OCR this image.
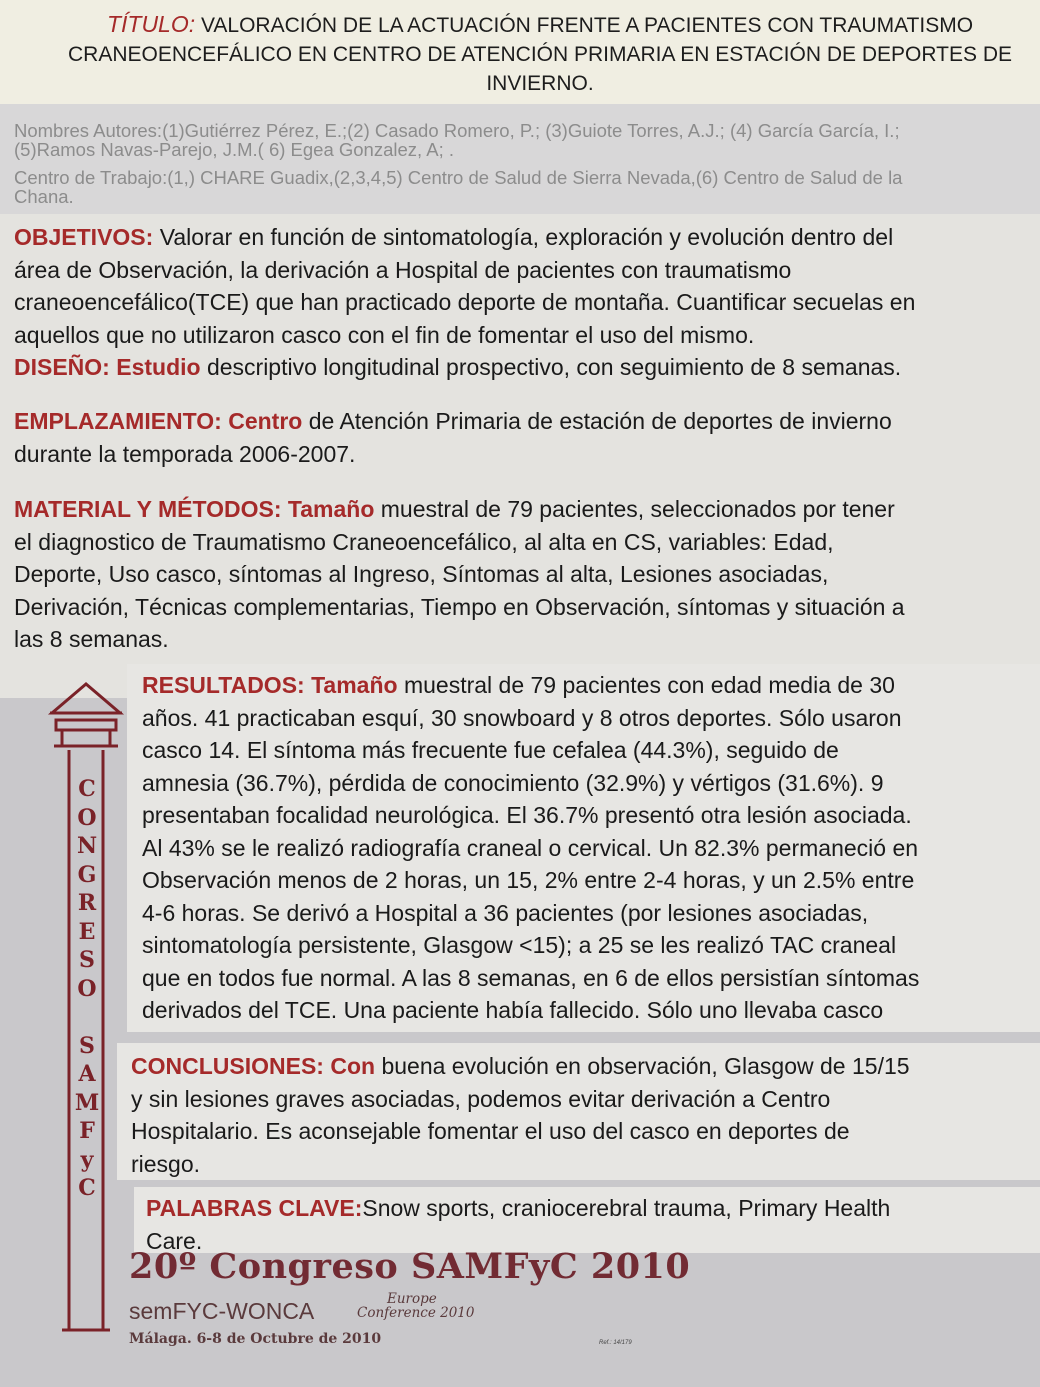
TÍTULO: VALORACIÓN DE LA ACTUACIÓN FRENTE A PACIENTES CON TRAUMATISMO
CRANEOENCEFÁLICO EN CENTRO DE ATENCIÓN PRIMARIA EN ESTACIÓN DE DEPORTES DE
INVIERNO.

Nombres Autores:(1)Gutiérrez Pérez, E.;(2) Casado Romero, P.; (3)Guiote Torres, A.J.; (4) García García, I.;
(5)Ramos Navas-Parejo, J.M.( 6) Egea Gonzalez, A; .

Centro de Trabajo:(1,) CHARE Guadix,(2,3,4,5) Centro de Salud de Sierra Nevada,(6) Centro de Salud de la
Chana.

OBJETIVOS: Valorar en función de sintomatología, exploración y evolución dentro del
área de Observación, la derivación a Hospital de pacientes con traumatismo
craneoencefálico(TCE) que han practicado deporte de montaña. Cuantificar secuelas en
aquellos que no utilizaron casco con el fin de fomentar el uso del mismo.
DISEÑO: Estudio descriptivo longitudinal prospectivo, con seguimiento de 8 semanas.
EMPLAZAMIENTO: Centro de Atención Primaria de estación de deportes de invierno
durante la temporada 2006-2007.
MATERIAL Y MÉTODOS: Tamaño muestral de 79 pacientes, seleccionados por tener
el diagnostico de Traumatismo Craneoencefálico, al alta en CS, variables: Edad,
Deporte, Uso casco, síntomas al Ingreso, Síntomas al alta, Lesiones asociadas,
Derivación, Técnicas complementarias, Tiempo en Observación, síntomas y situación a
las 8 semanas.
C
O
N
G
R
E
S
O
S
A
M
F
y
C
RESULTADOS: Tamaño muestral de 79 pacientes con edad media de 30
años. 41 practicaban esquí, 30 snowboard y 8 otros deportes. Sólo usaron
casco 14. El síntoma más frecuente fue cefalea (44.3%), seguido de
amnesia (36.7%), pérdida de conocimiento (32.9%) y vértigos (31.6%). 9
presentaban focalidad neurológica. El 36.7% presentó otra lesión asociada.
Al 43% se le realizó radiografía craneal o cervical. Un 82.3% permaneció en
Observación menos de 2 horas, un 15, 2% entre 2-4 horas, y un 2.5% entre
4-6 horas. Se derivó a Hospital a 36 pacientes (por lesiones asociadas,
sintomatología persistente, Glasgow <15); a 25 se les realizó TAC craneal
que en todos fue normal. A las 8 semanas, en 6 de ellos persistían síntomas
derivados del TCE. Una paciente había fallecido. Sólo uno llevaba casco
CONCLUSIONES: Con buena evolución en observación, Glasgow de 15/15
y sin lesiones graves asociadas, podemos evitar derivación a Centro
Hospitalario. Es aconsejable fomentar el uso del casco en deportes de
riesgo.
PALABRAS CLAVE:Snow sports, craniocerebral trauma, Primary Health
Care.
20º Congreso SAMFyC 2010
semFYC-WONCA	Europe
Conference 2010
Málaga. 6-8 de Octubre de 2010	Ref.: 14/179
